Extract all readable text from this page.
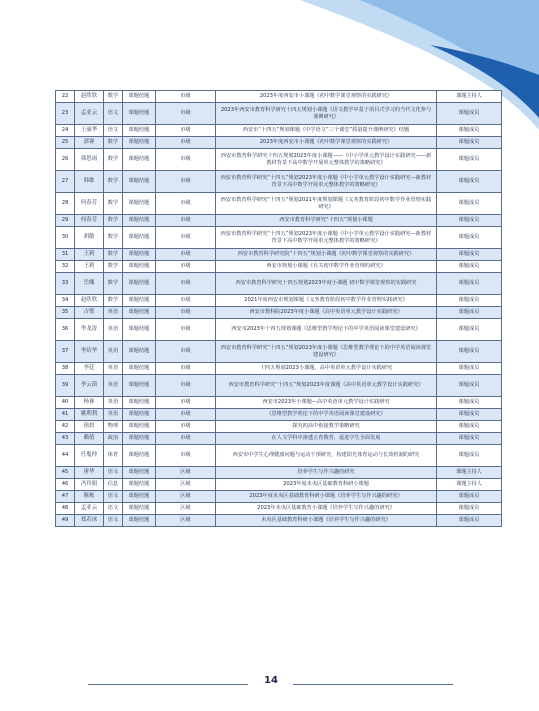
22	赵欣欣	数学	课题结题	市级	2023年度西安市小课题《初中数学课堂观察的实践研究》	课题主持人
23	孟亚云	语文	课题结题	市级	2023年西安市教育科学研究十四五规划小课题《语文教学中基于项目式学习的当代文化参与课例研究》	课题成员
24	王丽华	语文	课题结题	市级	西安市“十四五”规划课题《中学语文“三个课堂”质量提升课例研究》结题	课题成员
25	郭睿	数学	课题结题	市级	2023年度西安市小课题《初中数学课堂观察的实践研究》	课题成员
26	韩思雨	数学	课题结题	市级	西安市教育科学研究十四五规划2023年度小课题——《中小学单元教学设计实践研究——新教材背景下高中数学开展单元整体教学的策略研究》	课题成员
27	韩维	数学	课题结题	市级	西安市教育科学研究“十四五”规划2023年度小课题《中小学单元教学设计实践研究—新教材背景下高中数学开展单元整体教学的策略研究》	课题成员
28	何春芳	数学	课题结题	市级	西安市教育科学研究“十四五”规划2021年度规划课题《义务教育阶段初中数学作业管理实践研究》	课题成员
29	何春芳	数学	课题结题	市级	西安市教育科学研究“十四五”规划小课题	课题成员
30	胡敏	数学	课题结题	市级	西安市教育科学研究“十四五”规划2023年度小课题《中小学单元教学设计实践研究—新教材背景下高中数学开展单元整体教学的策略研究》	课题成员
31	王莉	数学	课题结题	市级	西安市教育科学研究院“十四五”规划小课题《初中数学课堂观察的实践研究》	课题成员
32	王莉	数学	课题结题	市级	西安市规划小课题《有关初中数学作业管理的研究》	课题成员
33	岳娜	数学	课题结题	市级	西安市教育科学研究十四五规划2023年度小课题 初中数学课堂观察的实践研究	课题成员
34	赵欣欣	数学	课题结题	市级	2021年度西安市规划课题《义务教育阶段初中数学作业管理实践研究》	课题成员
35	古璧	英语	课题结题	市级	西安市教科院2023年度小课题《高中英语单元教学设计实践研究》	课题成员
36	李龙涛	英语	课题结题	市级	西安市2023年十四五规划课题《思维型教学理论下的中学英语阅读课堂建设研究》	课题成员
37	李培华	英语	课题结题	市级	西安市教育科学研究“十四五”规划2023年度小课题《思维型教学理论下的中学英语阅读课堂建设研究》	课题成员
38	李廷	英语	课题结题	市级	十四五规划2023小课题，高中英语单元教学设计实践研究	课题成员
39	李云茵	英语	课题结题	市级	西安市教育科学研究“十四五”规划2023年度课题《高中英语单元教学设计实践研究》	课题成员
40	杨睿	英语	课题结题	市级	西安市2023年小课题—高中英语单元教学设计实践研究	课题成员
41	姚利利	英语	课题结题	市级	《思维型教学理论下的中学英语阅读课堂建设研究》	课题成员
42	徐晨	物理	课题结题	市级	探究初高中衔接教学策略研究	课题成员
43	赖倩	政治	课题结题	市级	在人文学科中渗透五育教育，促进学生全面发展	课题成员
44	任胤仲	体育	课题结题	市级	西安市中学生心理健康问题与运动干预研究、构建阳光体育运动与长效机制的研究	课题成员
45	唐华	语文	课题结题	区级	培养学生写作兴趣的研究	课题主持人
46	冯玲娟	信息	课题结题	区级	2023年度未央区基础教育科研小课题	课题主持人
47	陈栋	语文	课题结题	区级	2023年度未央区基础教育科研小课题《培养学生写作兴趣的研究》	课题成员
48	孟亚云	语文	课题结题	区级	2023年未央区基础教育小课题《培养学生写作兴趣的研究》	课题成员
49	郑若冰	语文	课题结题	区级	未央区基础教育科研小课题《培养学生写作兴趣的研究》	课题成员
14
